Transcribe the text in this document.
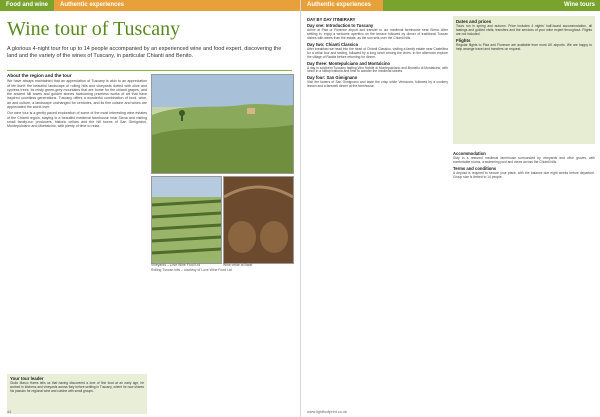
Food and wine	Authentic experiences
Wine tour of Tuscany
A glorious 4-night tour for up to 14 people accompanied by an experienced wine and food expert, discovering the land and the variety of the wines of Tuscany, in particular Chianti and Benito.
About the region and the tour

We have always maintained that an appreciation of Tuscany is akin to an appreciation of life itself: the beautiful landscape of rolling hills and vineyards dotted with olive and cypress trees, its misty green-grey mountains that are home for the chianti grapes, and the ancient hill towns and golden stones harbouring priceless works of art that have inspired countless generations. Tuscany offers a wonderful combination of food, wine, art and culture, a landscape unchanged for centuries, and its fine cuisine and wines are appreciated the world over.

Our wine tour is a gently paced exploration of some of the most interesting wine estates of the Chianti region, staying in a beautiful medieval farmhouse near Siena and visiting small family-run producers, historic cellars and the hill towns of San Gimignano, Montepulciano and Montalcino, with plenty of time to relax.

Rolling Tuscan hills – courtesy of Love Wine Food Ltd
Vineyards – Love Wine Food Ltd	Wine cellar at Banfi
Your tour leader

Giulio Marco Harris tells us that having discovered a love of fine food at an early age, he worked in kitchens and vineyards across Italy before settling in Tuscany, where he now shares his passion for regional wine and cuisine with small groups.

44
Authentic experiences	Wine tours
DAY BY DAY ITINERARY
Day one: Introduction to Tuscany

Arrive at Pisa or Florence airport and transfer to our medieval farmhouse near Siena. After settling in, enjoy a welcome aperitivo on the terrace followed by dinner of traditional Tuscan dishes with wines from the estate, as the sun sets over the Chianti hills.

Day two: Chianti Classico

After breakfast we head into the heart of Chianti Classico, visiting a family estate near Castellina for a cellar tour and tasting, followed by a long lunch among the vines. In the afternoon explore the village of Radda before returning for dinner.

Day three: Montepulciano and Montalcino

A day in southern Tuscany tasting Vino Nobile di Montepulciano and Brunello di Montalcino, with lunch in a hilltop trattoria and time to wander the medieval streets.

Day four: San Gimignano

Visit the towers of San Gimignano and taste the crisp white Vernaccia, followed by a cookery lesson and a farewell dinner at the farmhouse.

Dates and prices

Tours run in spring and autumn. Price includes 4 nights’ half-board accommodation, all tastings and guided visits, transfers and the services of your wine expert throughout. Flights are not included.

Flights

Regular flights to Pisa and Florence are available from most UK airports. We are happy to help arrange travel and transfers on request.

Accommodation

Stay in a restored medieval farmhouse surrounded by vineyards and olive groves, with comfortable rooms, a swimming pool and views across the Chianti hills.

Terms and conditions

A deposit is required to secure your place, with the balance due eight weeks before departure. Group size is limited to 14 people.

www.lightfootprint.co.uk
